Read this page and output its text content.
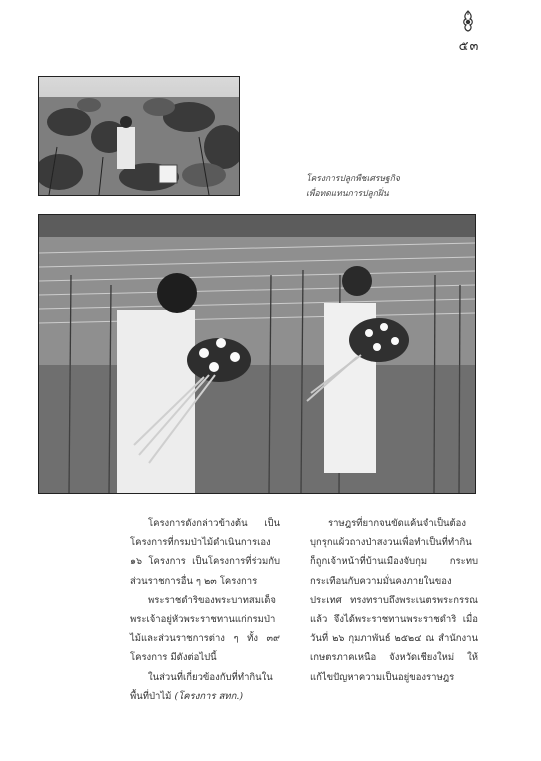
๕๓
โครงการปลูกพืชเศรษฐกิจ
เพื่อทดแทนการปลูกฝิ่น

โครงการดังกล่าวข้างต้น เป็นโครงการที่กรมป่าไม้ดำเนินการเอง ๑๖ โครงการ เป็นโครงการที่ร่วมกับส่วนราชการอื่น ๆ ๒๓ โครงการ

พระราชดำริของพระบาทสมเด็จพระเจ้าอยู่หัวพระราชทานแก่กรมป่าไม้และส่วนราชการต่าง ๆ ทั้ง ๓๙ โครงการ มีดังต่อไปนี้

ในส่วนที่เกี่ยวข้องกับที่ทำกินในพื้นที่ป่าไม้ (โครงการ สทก.)

ราษฎรที่ยากจนขัดแค้นจำเป็นต้องบุกรุกแผ้วถางป่าสงวนเพื่อทำเป็นที่ทำกิน ก็ถูกเจ้าหน้าที่บ้านเมืองจับกุม กระทบกระเทือนกับความมั่นคงภายในของประเทศ ทรงทราบถึงพระเนตรพระกรรณแล้ว จึงได้พระราชทานพระราชดำริ เมื่อวันที่ ๒๖ กุมภาพันธ์ ๒๕๒๔ ณ สำนักงานเกษตรภาคเหนือ จังหวัดเชียงใหม่ ให้แก้ไขปัญหาความเป็นอยู่ของราษฎร
